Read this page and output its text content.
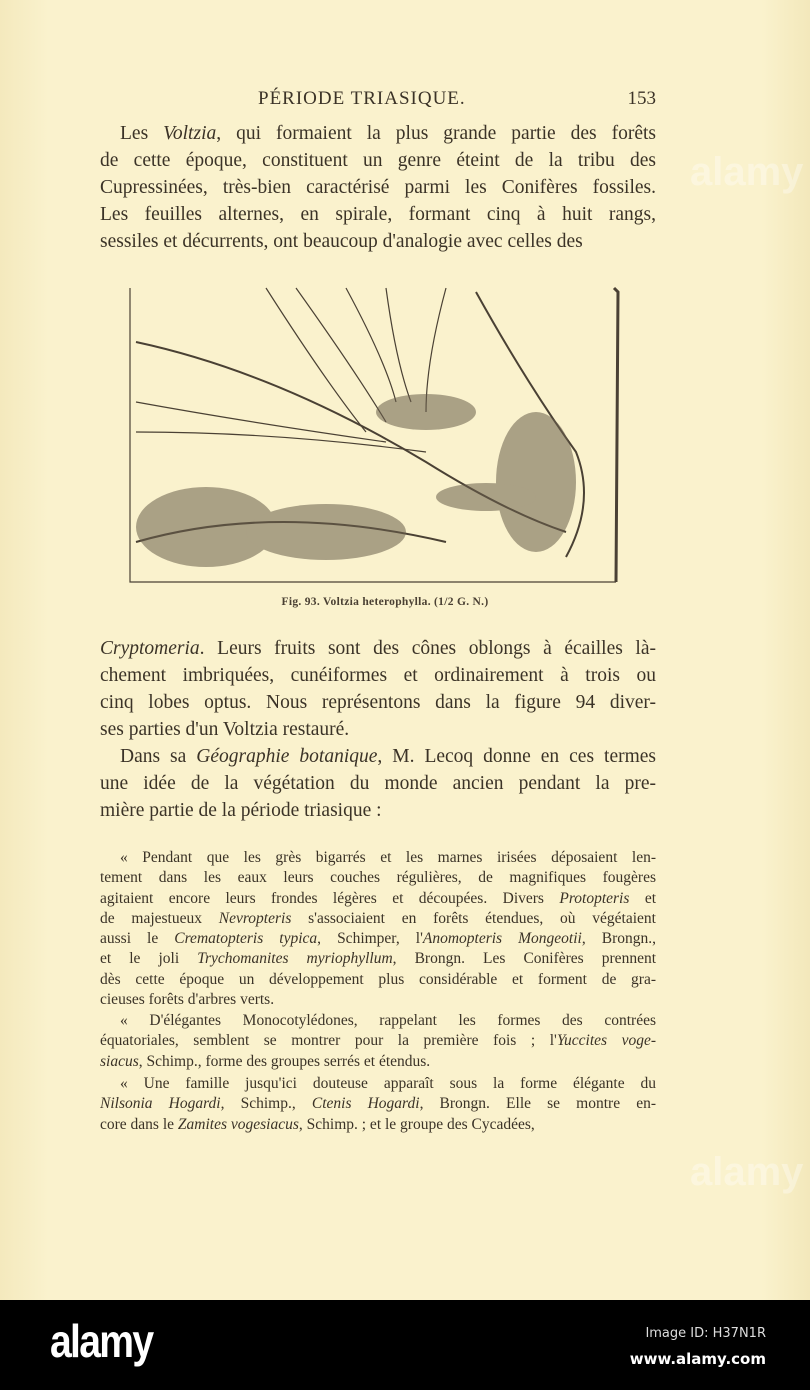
alamy
alamy
PÉRIODE TRIASIQUE.	153
Les Voltzia, qui formaient la plus grande partie des forêts
de cette époque, constituent un genre éteint de la tribu des
Cupressinées, très-bien caractérisé parmi les Conifères fossiles.
Les feuilles alternes, en spirale, formant cinq à huit rangs,
sessiles et décurrents, ont beaucoup d'analogie avec celles des
Fig. 93. Voltzia heterophylla. (1/2 G. N.)
Cryptomeria. Leurs fruits sont des cônes oblongs à écailles là-
chement imbriquées, cunéiformes et ordinairement à trois ou
cinq lobes optus. Nous représentons dans la figure 94 diver-
ses parties d'un Voltzia restauré.
Dans sa Géographie botanique, M. Lecoq donne en ces termes
une idée de la végétation du monde ancien pendant la pre-
mière partie de la période triasique :
« Pendant que les grès bigarrés et les marnes irisées déposaient len-
tement dans les eaux leurs couches régulières, de magnifiques fougères
agitaient encore leurs frondes légères et découpées. Divers Protopteris et
de majestueux Nevropteris s'associaient en forêts étendues, où végétaient
aussi le Crematopteris typica, Schimper, l'Anomopteris Mongeotii, Brongn.,
et le joli Trychomanites myriophyllum, Brongn. Les Conifères prennent
dès cette époque un développement plus considérable et forment de gra-
cieuses forêts d'arbres verts.
« D'élégantes Monocotylédones, rappelant les formes des contrées
équatoriales, semblent se montrer pour la première fois ; l'Yuccites voge-
siacus, Schimp., forme des groupes serrés et étendus.
« Une famille jusqu'ici douteuse apparaît sous la forme élégante du
Nilsonia Hogardi, Schimp., Ctenis Hogardi, Brongn. Elle se montre en-
core dans le Zamites vogesiacus, Schimp. ; et le groupe des Cycadées,
alamy	Image ID: H37N1R
www.alamy.com
